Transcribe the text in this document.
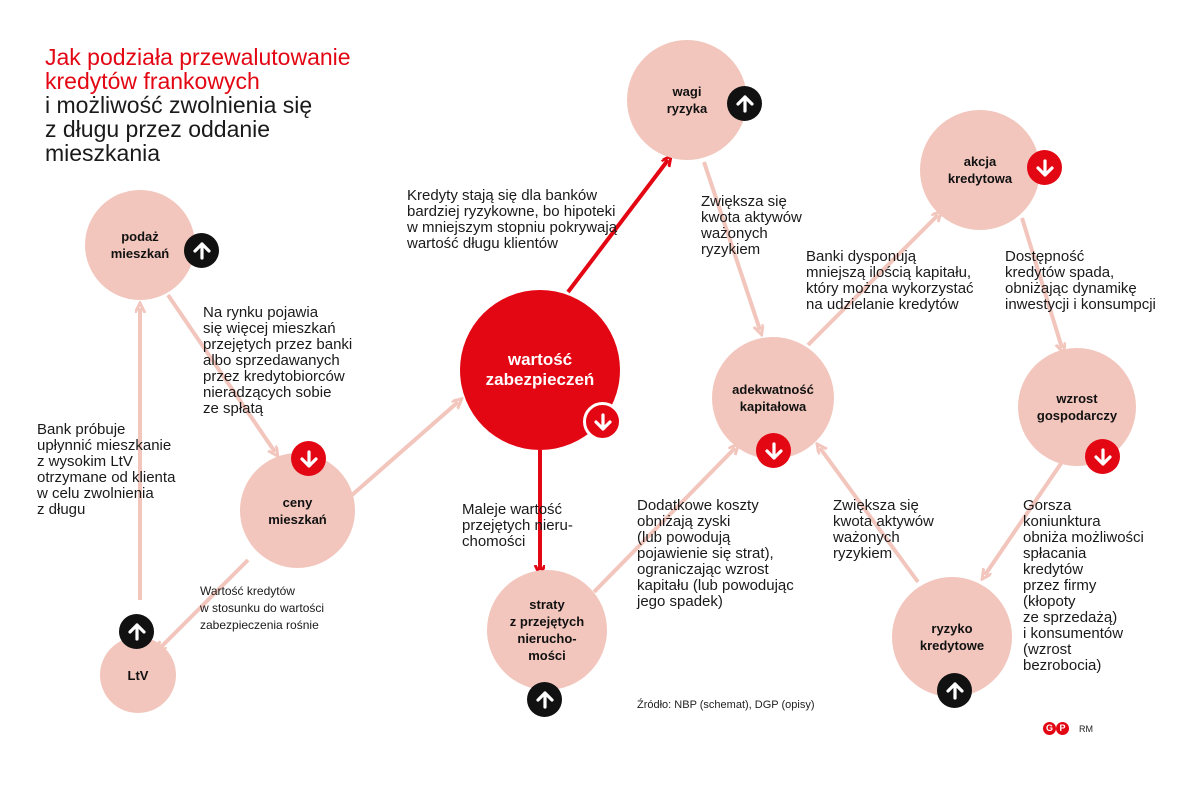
Jak podziała przewalutowanie
kredytów frankowych
i możliwość zwolnienia się
z długu przez oddanie
mieszkania
podaż
mieszkań
ceny
mieszkań
LtV
wartość
zabezpieczeń
wagi
ryzyka
straty
z przejętych
nierucho-
mości
adekwatność
kapitałowa
akcja
kredytowa
wzrost
gospodarczy
ryzyko
kredytowe
Na rynku pojawia
się więcej mieszkań
przejętych przez banki
albo sprzedawanych
przez kredytobiorców
nieradzących sobie
ze spłatą
Bank próbuje
upłynnić mieszkanie
z wysokim LtV
otrzymane od klienta
w celu zwolnienia
z długu
Wartość kredytów
w stosunku do wartości
zabezpieczenia rośnie
Kredyty stają się dla banków
bardziej ryzykowne, bo hipoteki
w mniejszym stopniu pokrywają
wartość długu klientów
Maleje wartość
przejętych nieru-
chomości
Zwiększa się
kwota aktywów
ważonych
ryzykiem	Banki dysponują
mniejszą ilością kapitału,
który można wykorzystać
na udzielanie kredytów
Dostępność
kredytów spada,
obniżając dynamikę
inwestycji i konsumpcji
Dodatkowe koszty
obniżają zyski
(lub powodują
pojawienie się strat),
ograniczając wzrost
kapitału (lub powodując
jego spadek)
Zwiększa się
kwota aktywów
ważonych
ryzykiem
Gorsza
koniunktura
obniża możliwości
spłacania
kredytów
przez firmy
(kłopoty
ze sprzedażą)
i konsumentów
(wzrost
bezrobocia)
Źródło: NBP (schemat), DGP (opisy)
G P	RM
